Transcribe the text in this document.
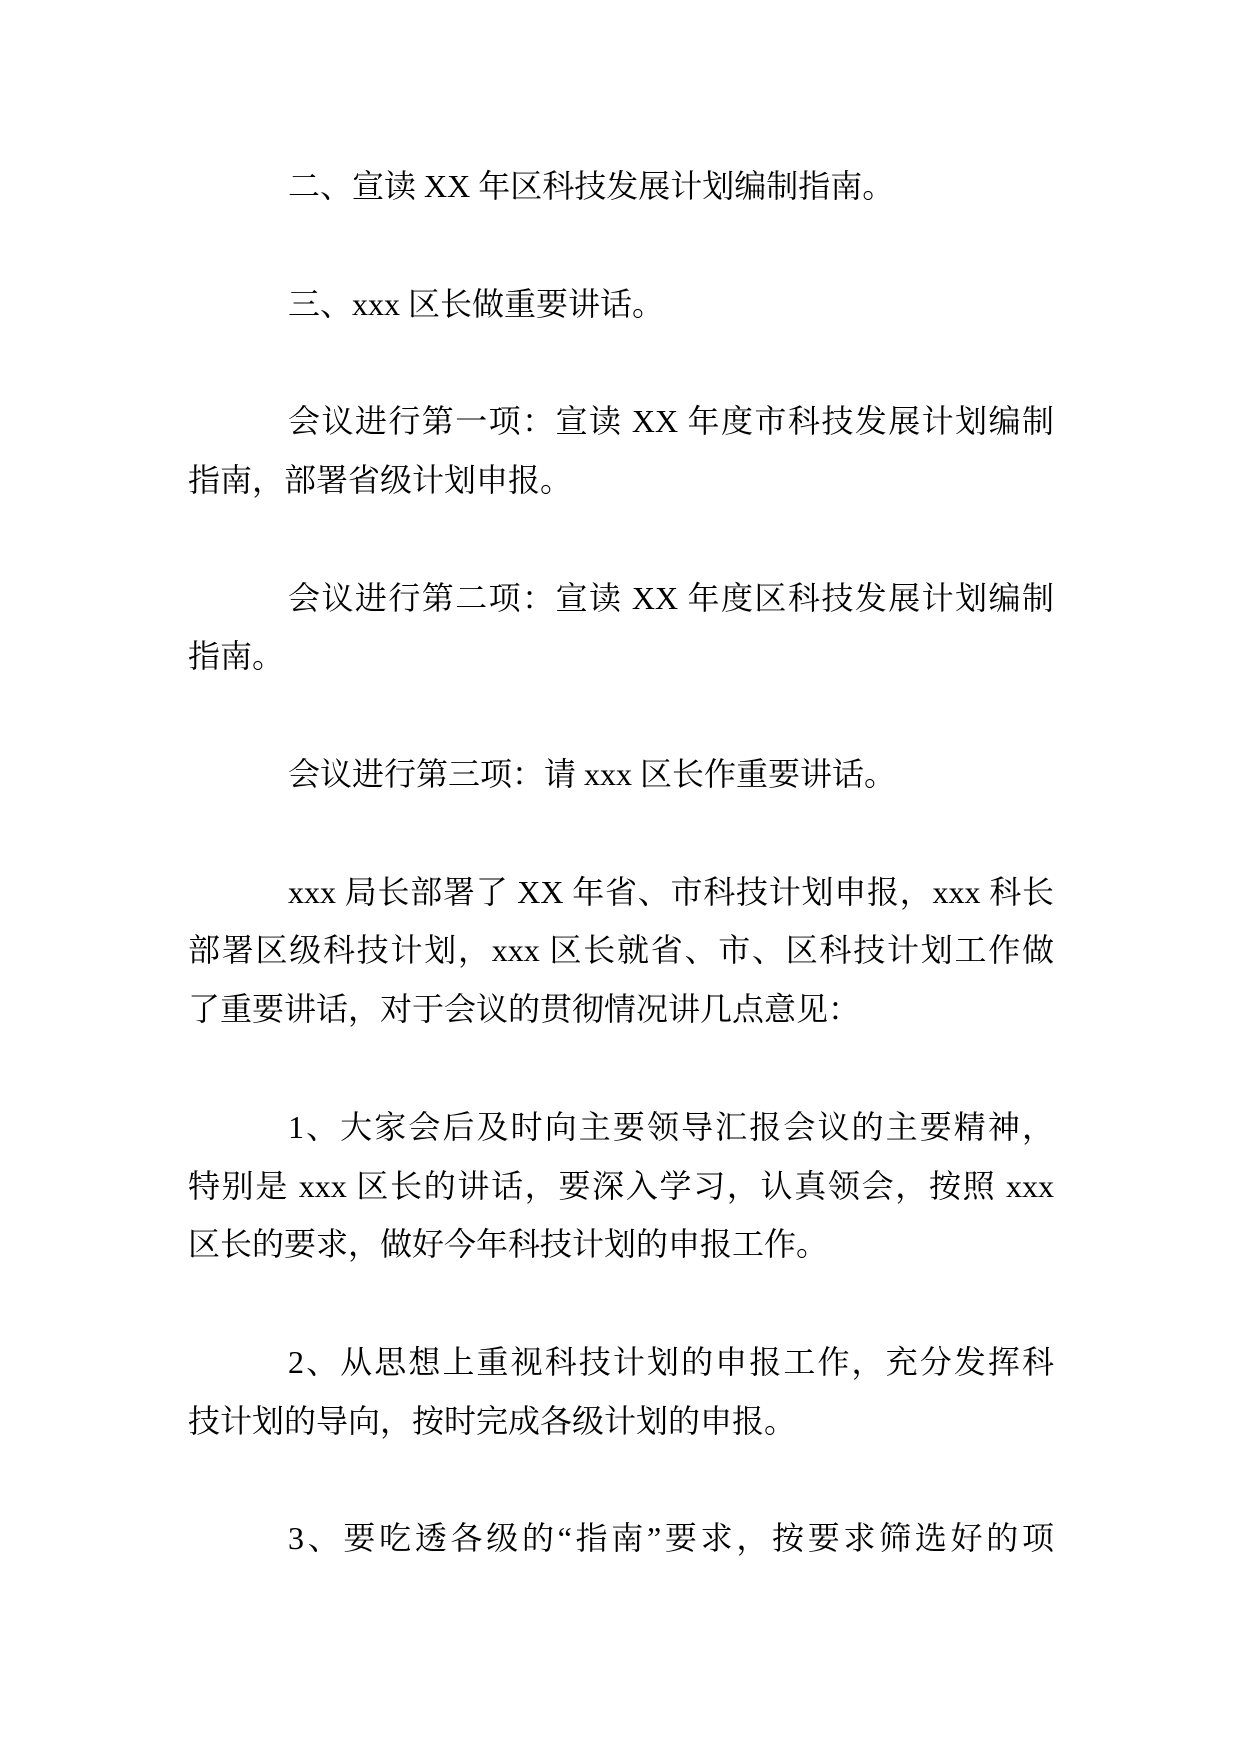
二、宣读 XX 年区科技发展计划编制指南。
三、xxx 区长做重要讲话。
会议进行第一项：宣读 XX 年度市科技发展计划编制
指南，部署省级计划申报。
会议进行第二项：宣读 XX 年度区科技发展计划编制
指南。
会议进行第三项：请 xxx 区长作重要讲话。
xxx 局长部署了 XX 年省、市科技计划申报，xxx 科长
部署区级科技计划，xxx 区长就省、市、区科技计划工作做
了重要讲话，对于会议的贯彻情况讲几点意见：
1、大家会后及时向主要领导汇报会议的主要精神，
特别是 xxx 区长的讲话，要深入学习，认真领会，按照 xxx
区长的要求，做好今年科技计划的申报工作。
2、从思想上重视科技计划的申报工作，充分发挥科
技计划的导向，按时完成各级计划的申报。
3、要吃透各级的“指南”要求，按要求筛选好的项
